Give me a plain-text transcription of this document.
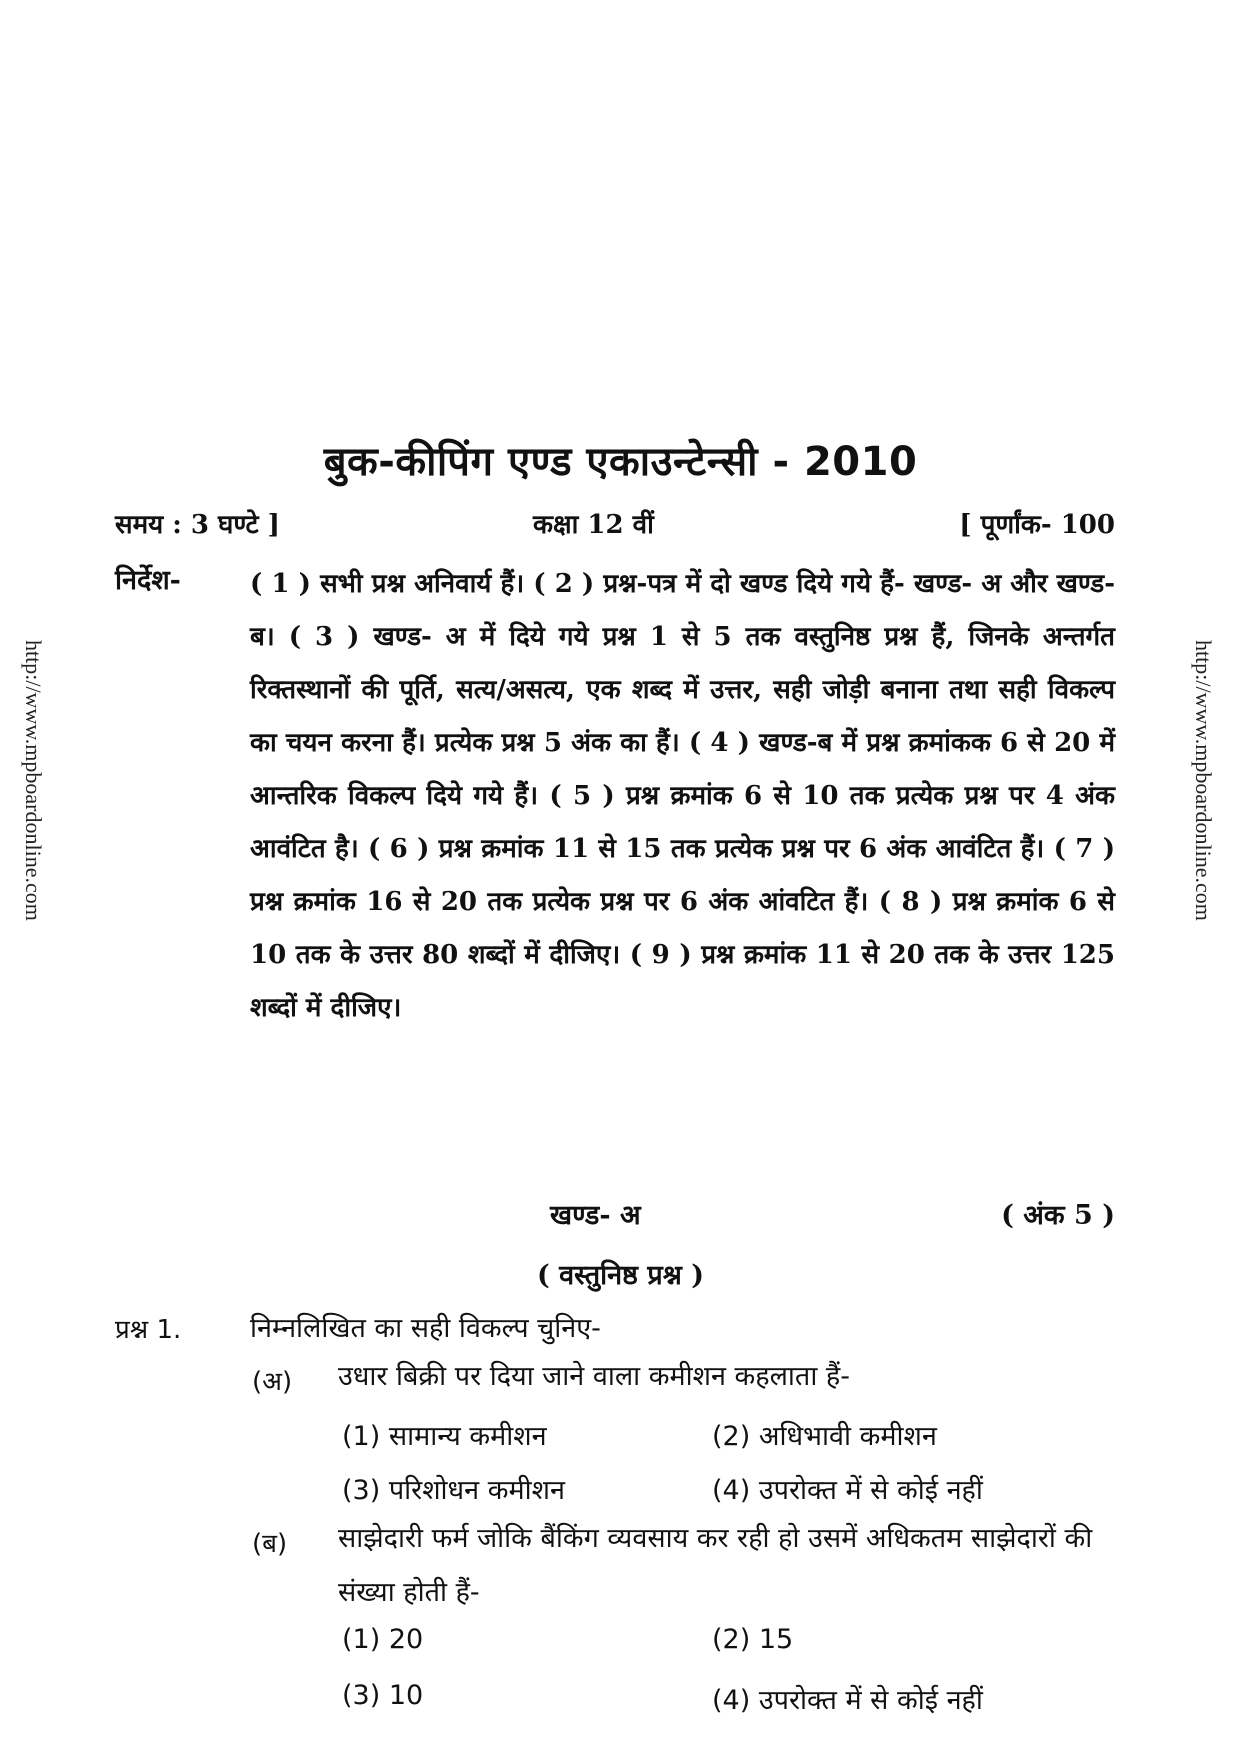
http://www.mpboardonline.com	http://www.mpboardonline.com
बुक-कीपिंग एण्ड एकाउन्टेन्सी - 2010
समय : 3 घण्टे ]	कक्षा 12 वीं	[ पूर्णांक- 100
निर्देश-	( 1 ) सभी प्रश्न अनिवार्य हैं। ( 2 ) प्रश्न-पत्र में दो खण्ड दिये गये हैं- खण्ड- अ और खण्ड-ब। ( 3 ) खण्ड- अ में दिये गये प्रश्न 1 से 5 तक वस्तुनिष्ठ प्रश्न हैं, जिनके अन्तर्गत रिक्तस्थानों की पूर्ति, सत्य/असत्य, एक शब्द में उत्तर, सही जोड़ी बनाना तथा सही विकल्प का चयन करना हैं। प्रत्येक प्रश्न 5 अंक का हैं। ( 4 ) खण्ड-ब में प्रश्न क्रमांकक 6 से 20 में आन्तरिक विकल्प दिये गये हैं। ( 5 ) प्रश्न क्रमांक 6 से 10 तक प्रत्येक प्रश्न पर 4 अंक आवंटित है। ( 6 ) प्रश्न क्रमांक 11 से 15 तक प्रत्येक प्रश्न पर 6 अंक आवंटित हैं। ( 7 ) प्रश्न क्रमांक 16 से 20 तक प्रत्येक प्रश्न पर 6 अंक आंवटित हैं। ( 8 ) प्रश्न क्रमांक 6 से 10 तक के उत्तर 80 शब्दों में दीजिए। ( 9 ) प्रश्न क्रमांक 11 से 20 तक के उत्तर 125 शब्दों में दीजिए।
खण्ड- अ	( अंक 5 )
( वस्तुनिष्ठ प्रश्न )
प्रश्न 1.	निम्नलिखित का सही विकल्प चुनिए-
(अ) उधार बिक्री पर दिया जाने वाला कमीशन कहलाता हैं-
(1) सामान्य कमीशन	(2) अधिभावी कमीशन
(3) परिशोधन कमीशन	(4) उपरोक्त में से कोई नहीं
(ब) साझेदारी फर्म जोकि बैंकिंग व्यवसाय कर रही हो उसमें अधिकतम साझेदारों की संख्या होती हैं-
(1) 20	(2) 15
(3) 10	(4) उपरोक्त में से कोई नहीं
